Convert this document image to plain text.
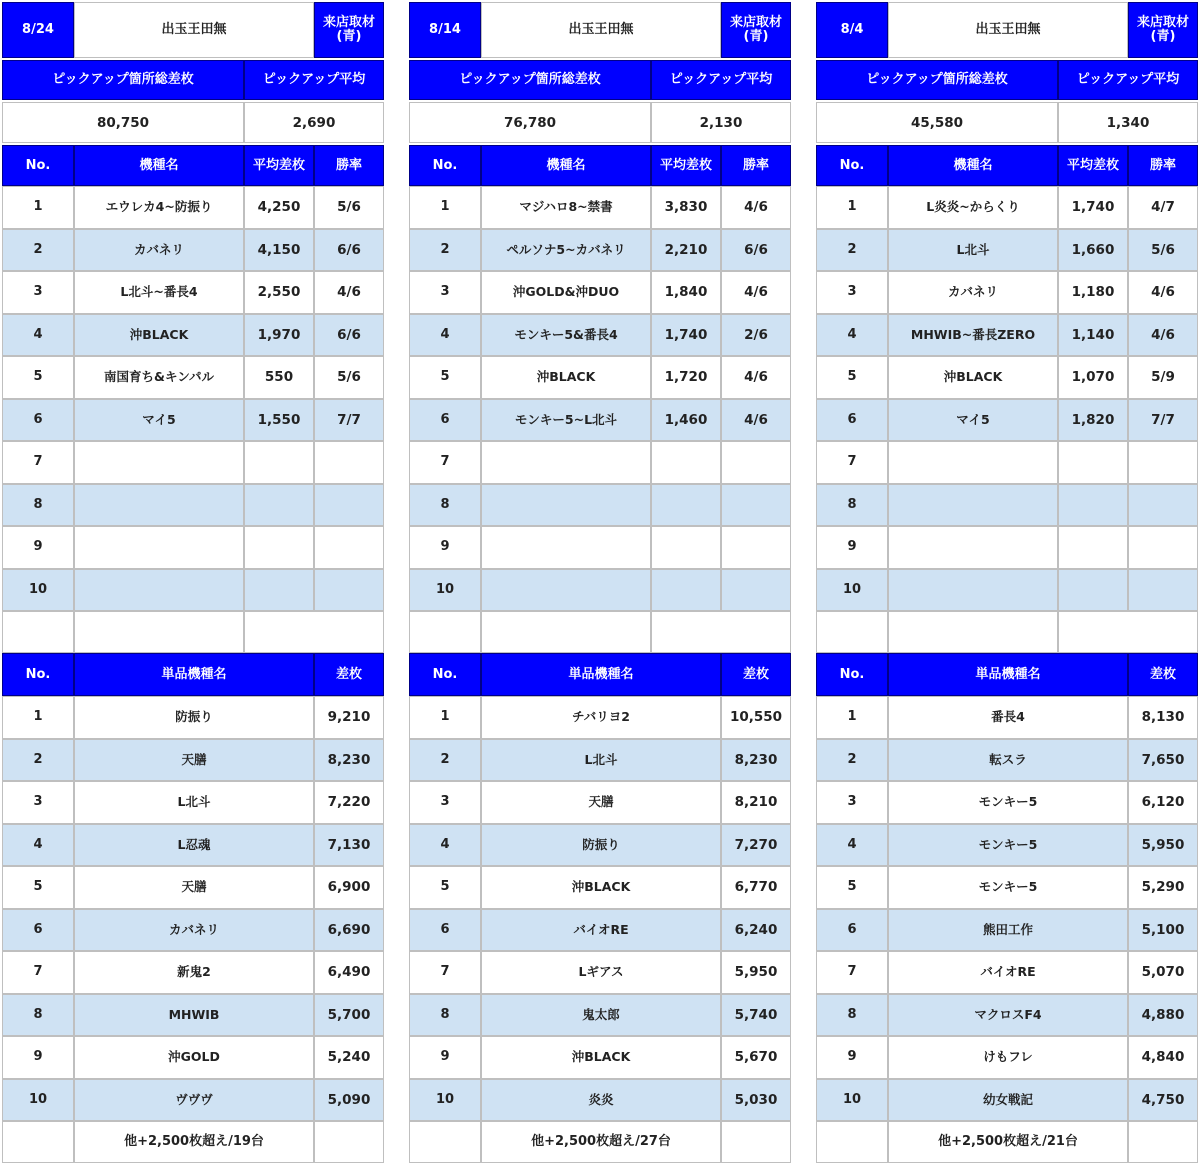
8/24	出玉王田無	来店取材
(青)
ピックアップ箇所総差枚	ピックアップ平均
80,750	2,690
No.	機種名	平均差枚	勝率
1	エウレカ4~防振り	4,250	5/6
2	カバネリ	4,150	6/6
3	L北斗~番長4	2,550	4/6
4	沖BLACK	1,970	6/6
5	南国育ち&キンパル	550	5/6
6	マイ5	1,550	7/7
7
8
9
10
No.	単品機種名	差枚
1	防振り	9,210
2	天膳	8,230
3	L北斗	7,220
4	L忍魂	7,130
5	天膳	6,900
6	カバネリ	6,690
7	新鬼2	6,490
8	MHWIB	5,700
9	沖GOLD	5,240
10	ヴヴヴ	5,090
他+2,500枚超え/19台
8/14	出玉王田無	来店取材
(青)
ピックアップ箇所総差枚	ピックアップ平均
76,780	2,130
No.	機種名	平均差枚	勝率
1	マジハロ8~禁書	3,830	4/6
2	ペルソナ5~カバネリ	2,210	6/6
3	沖GOLD&沖DUO	1,840	4/6
4	モンキー5&番長4	1,740	2/6
5	沖BLACK	1,720	4/6
6	モンキー5~L北斗	1,460	4/6
7
8
9
10
No.	単品機種名	差枚
1	チバリヨ2	10,550
2	L北斗	8,230
3	天膳	8,210
4	防振り	7,270
5	沖BLACK	6,770
6	バイオRE	6,240
7	Lギアス	5,950
8	鬼太郎	5,740
9	沖BLACK	5,670
10	炎炎	5,030
他+2,500枚超え/27台
8/4	出玉王田無	来店取材
(青)
ピックアップ箇所総差枚	ピックアップ平均
45,580	1,340
No.	機種名	平均差枚	勝率
1	L炎炎~からくり	1,740	4/7
2	L北斗	1,660	5/6
3	カバネリ	1,180	4/6
4	MHWIB~番長ZERO	1,140	4/6
5	沖BLACK	1,070	5/9
6	マイ5	1,820	7/7
7
8
9
10
No.	単品機種名	差枚
1	番長4	8,130
2	転スラ	7,650
3	モンキー5	6,120
4	モンキー5	5,950
5	モンキー5	5,290
6	熊田工作	5,100
7	バイオRE	5,070
8	マクロスF4	4,880
9	けもフレ	4,840
10	幼女戦記	4,750
他+2,500枚超え/21台
